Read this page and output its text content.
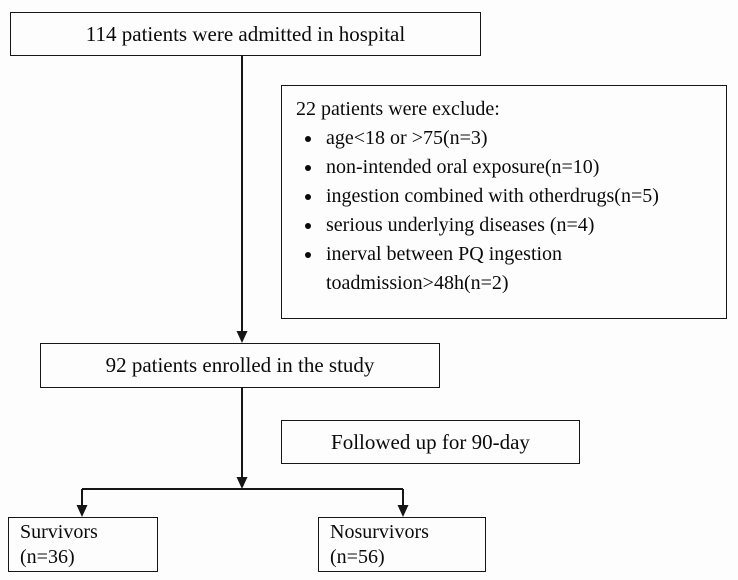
114 patients were admitted in hospital
22 patients were exclude:
• age<18 or >75(n=3)
• non-intended oral exposure(n=10)
• ingestion combined with otherdrugs(n=5)
• serious underlying diseases (n=4)
• inerval between PQ ingestion toadmission>48h(n=2)
92 patients enrolled in the study
Followed up for 90-day
Survivors
(n=36)
Nosurvivors
(n=56)
